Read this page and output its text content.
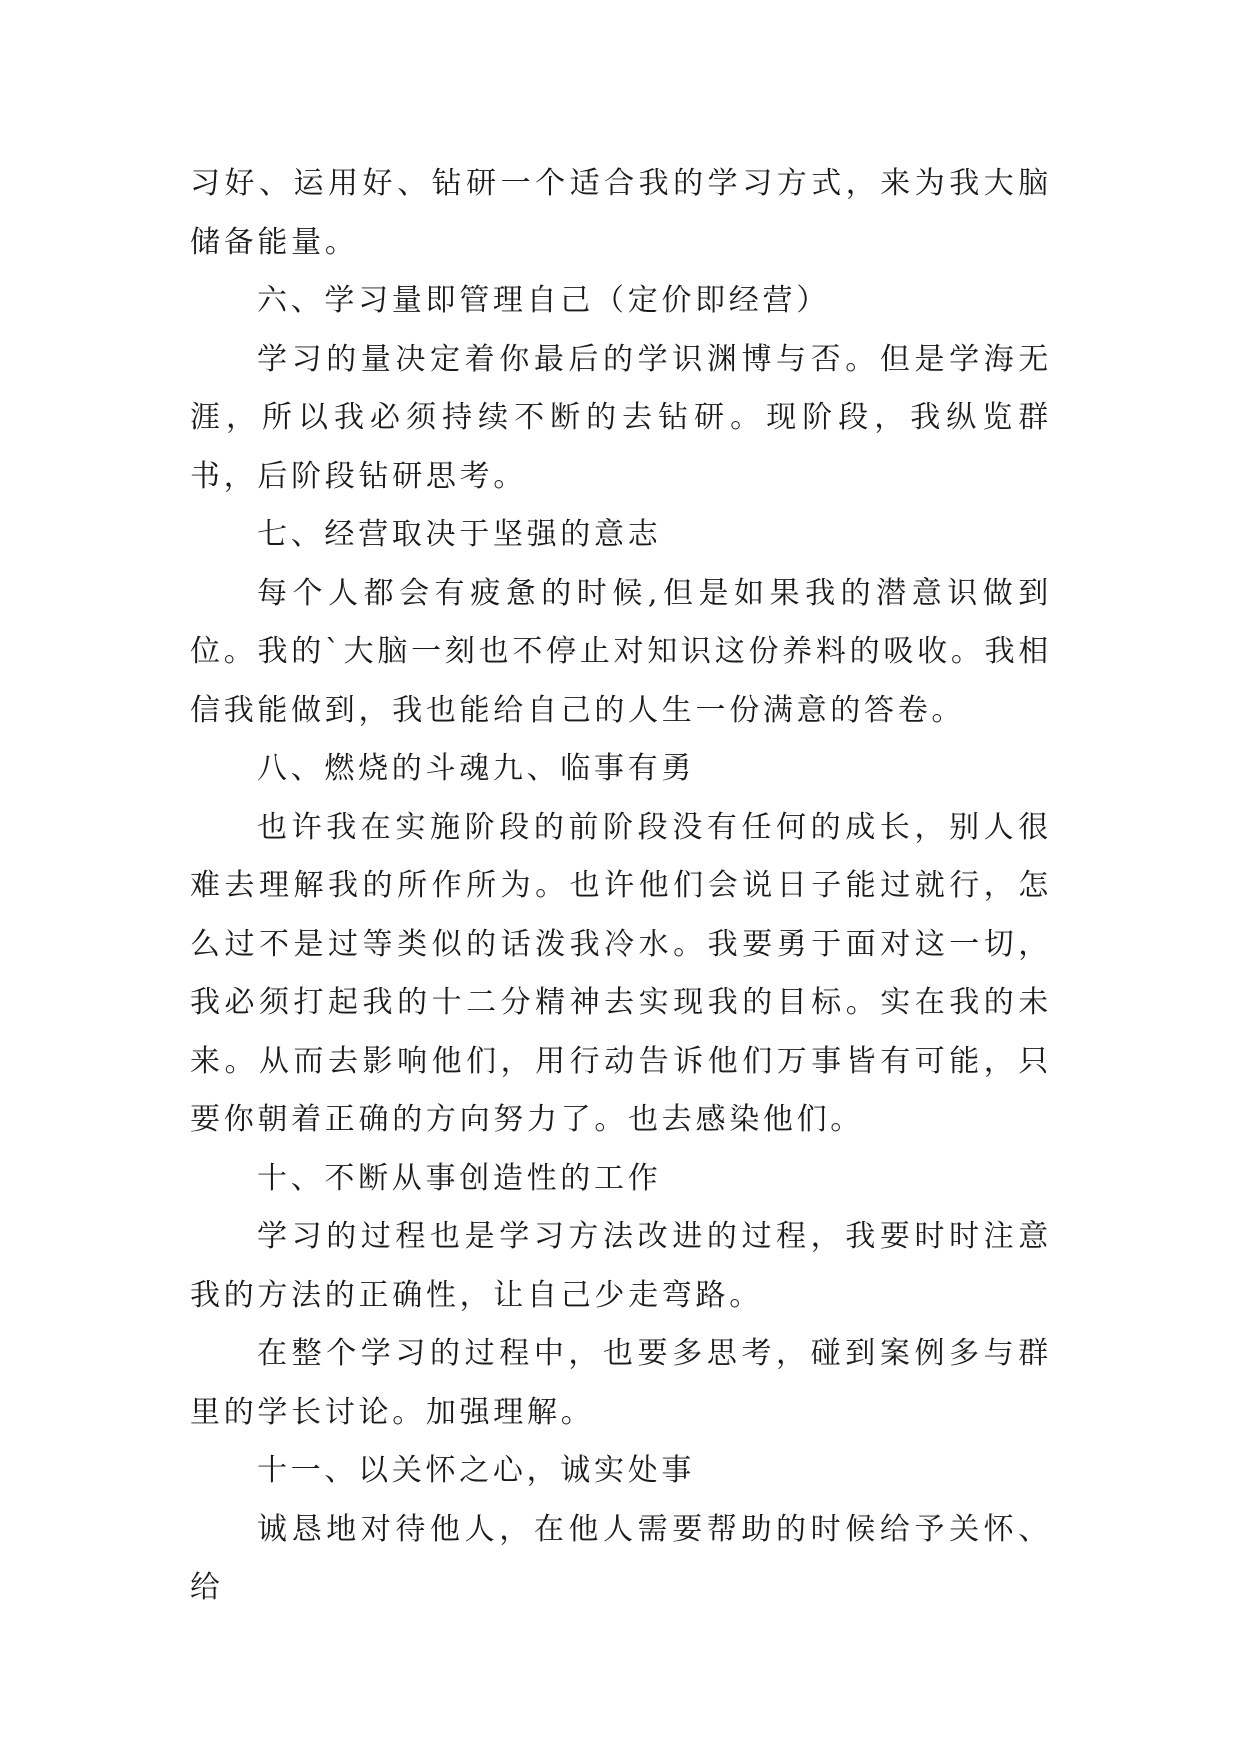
习好、运用好、钻研一个适合我的学习方式，来为我大脑储备能量。

六、学习量即管理自己（定价即经营）

学习的量决定着你最后的学识渊博与否。但是学海无涯，所以我必须持续不断的去钻研。现阶段，我纵览群书，后阶段钻研思考。

七、经营取决于坚强的意志

每个人都会有疲惫的时候,但是如果我的潜意识做到位。我的`大脑一刻也不停止对知识这份养料的吸收。我相信我能做到，我也能给自己的人生一份满意的答卷。

八、燃烧的斗魂九、临事有勇

也许我在实施阶段的前阶段没有任何的成长，别人很难去理解我的所作所为。也许他们会说日子能过就行，怎么过不是过等类似的话泼我冷水。我要勇于面对这一切，我必须打起我的十二分精神去实现我的目标。实在我的未来。从而去影响他们，用行动告诉他们万事皆有可能，只要你朝着正确的方向努力了。也去感染他们。

十、不断从事创造性的工作

学习的过程也是学习方法改进的过程，我要时时注意我的方法的正确性，让自己少走弯路。

在整个学习的过程中，也要多思考，碰到案例多与群里的学长讨论。加强理解。

十一、以关怀之心，诚实处事

诚恳地对待他人，在他人需要帮助的时候给予关怀、给
